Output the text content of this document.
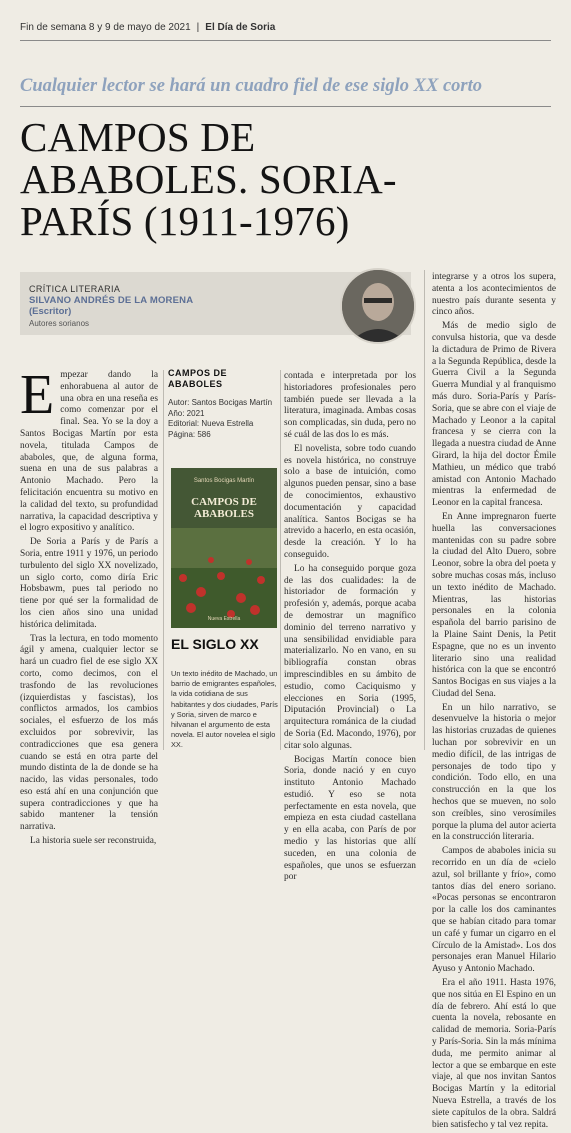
Fin de semana 8 y 9 de mayo de 2021 | El Día de Soria
Cualquier lector se hará un cuadro fiel de ese siglo XX corto
CAMPOS DE
ABABOLES. SORIA-
PARÍS (1911-1976)
CRÍTICA LITERARIA
SILVANO ANDRÉS DE LA MORENA
(Escritor)
Autores sorianos
E mpezar dando la enhorabuena al autor de una obra en una reseña es como comenzar por el final. Sea. Yo se la doy a Santos Bocigas Martín por esta novela, titulada Campos de ababoles, que, de alguna forma, suena en una de sus palabras a Antonio Machado. Pero la felicitación encuentra su motivo en la calidad del texto, su profundidad narrativa, la capacidad descriptiva y el logro expositivo y analítico.

De Soria a París y de París a Soria, entre 1911 y 1976, un periodo turbulento del siglo XX novelizado, un siglo corto, como diría Eric Hobsbawm, pues tal periodo no tiene por qué ser la formalidad de los cien años sino una unidad histórica delimitada.

Tras la lectura, en todo momento ágil y amena, cualquier lector se hará un cuadro fiel de ese siglo XX corto, como decimos, con el trasfondo de las revoluciones (izquierdistas y fascistas), los conflictos armados, los cambios sociales, el esfuerzo de los más excluidos por sobrevivir, las contradicciones que esa genera cuando se está en otra parte del mundo distinta de la de donde se ha nacido, las vidas personales, todo eso está ahí en una conjunción que supera contradicciones y que ha sabido mantener la tensión narrativa.

La historia suele ser reconstruida,

CAMPOS DE
ABABOLES
Autor: Santos Bocigas Martín
Año: 2021
Editorial: Nueva Estrella
Página: 586
Santos Bocigas Martín
CAMPOS DE ABABOLES
Nueva Estrella
EL SIGLO XX
Un texto inédito de Machado, un barrio de emigrantes españoles, la vida cotidiana de sus habitantes y dos ciudades, París y Soria, sirven de marco e hilvanan el argumento de esta novela. El autor novelea el siglo XX.

contada e interpretada por los historiadores profesionales pero también puede ser llevada a la literatura, imaginada. Ambas cosas son complicadas, sin duda, pero no sé cuál de las dos lo es más.

El novelista, sobre todo cuando es novela histórica, no construye solo a base de intuición, como algunos pueden pensar, sino a base de conocimientos, exhaustivo documentación y capacidad analítica. Santos Bocigas se ha atrevido a hacerlo, en esta ocasión, desde la creación. Y lo ha conseguido.

Lo ha conseguido porque goza de las dos cualidades: la de historiador de formación y profesión y, además, porque acaba de demostrar un magnífico dominio del terreno narrativo y una sensibilidad envidiable para materializarlo. No en vano, en su bibliografía constan obras imprescindibles en su ámbito de estudio, como Caciquismo y elecciones en Soria (1995, Diputación Provincial) o La arquitectura románica de la ciudad de Soria (Ed. Macondo, 1976), por citar solo algunas.

Bocigas Martín conoce bien Soria, donde nació y en cuyo instituto Antonio Machado estudió. Y eso se nota perfectamente en esta novela, que empieza en esta ciudad castellana y en ella acaba, con París de por medio y las historias que allí suceden, en una colonia de españoles, que unos se esfuerzan por

integrarse y a otros los supera, atenta a los acontecimientos de nuestro país durante sesenta y cinco años.

Más de medio siglo de convulsa historia, que va desde la dictadura de Primo de Rivera a la Segunda República, desde la Guerra Civil a la Segunda Guerra Mundial y al franquismo más duro. Soria-París y París-Soria, que se abre con el viaje de Machado y Leonor a la capital francesa y se cierra con la llegada a nuestra ciudad de Anne Girard, la hija del doctor Émile Mathieu, un médico que trabó amistad con Antonio Machado mientras la enfermedad de Leonor en la capital francesa.

En Anne impregnaron fuerte huella las conversaciones mantenidas con su padre sobre la ciudad del Alto Duero, sobre Leonor, sobre la obra del poeta y sobre muchas cosas más, incluso un texto inédito de Machado. Mientras, las historias personales en la colonia española del barrio parisino de la Plaine Saint Denis, la Petit Espagne, que no es un invento literario sino una realidad histórica con la que se encontró Santos Bocigas en sus viajes a la Ciudad del Sena.

En un hilo narrativo, se desenvuelve la historia o mejor las historias cruzadas de quienes luchan por sobrevivir en un medio difícil, de las intrigas de personajes de todo tipo y condición. Todo ello, en una construcción en la que los hechos que se mueven, no solo son creíbles, sino verosímiles porque la pluma del autor acierta en la construcción literaria.

Campos de ababoles inicia su recorrido en un día de «cielo azul, sol brillante y frío», como tantos días del enero soriano. «Pocas personas se encontraron por la calle los dos caminantes que se habían citado para tomar un café y fumar un cigarro en el Círculo de la Amistad». Los dos personajes eran Manuel Hilario Ayuso y Antonio Machado.

Era el año 1911. Hasta 1976, que nos sitúa en El Espino en un día de febrero. Ahí está lo que cuenta la novela, rebosante en calidad de memoria. Soria-París y París-Soria. Sin la más mínima duda, me permito animar al lector a que se embarque en este viaje, al que nos invitan Santos Bocigas Martín y la editorial Nueva Estrella, a través de los siete capítulos de la obra. Saldrá bien satisfecho y tal vez repita.
